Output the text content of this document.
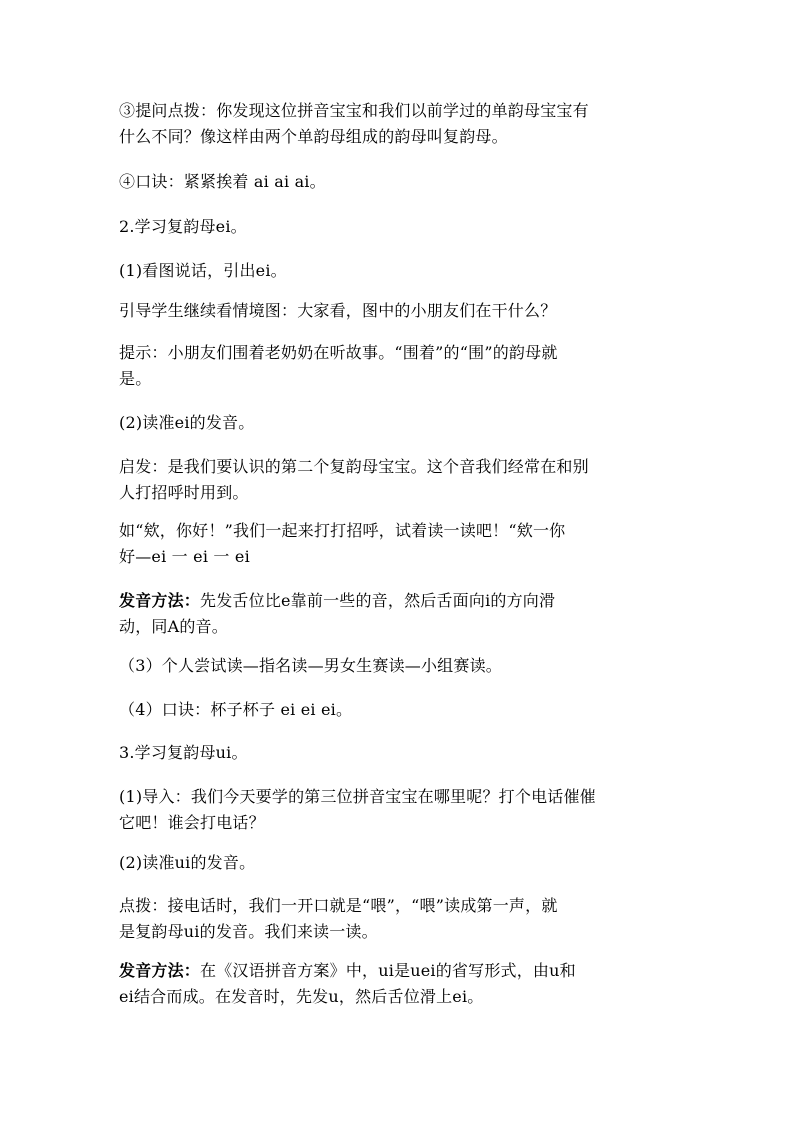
③提问点拨：你发现这位拼音宝宝和我们以前学过的单韵母宝宝有
什么不同？像这样由两个单韵母组成的韵母叫复韵母。
④口诀：紧紧挨着 ai ai ai。
2.学习复韵母ei。
(1)看图说话，引出ei。
引导学生继续看情境图：大家看，图中的小朋友们在干什么？
提示：小朋友们围着老奶奶在听故事。“围着”的“围”的韵母就
是。
(2)读准ei的发音。
启发：是我们要认识的第二个复韵母宝宝。这个音我们经常在和别
人打招呼时用到。
如“欸，你好！”我们一起来打打招呼，试着读一读吧！“欸一你
好—ei 一 ei 一 ei
发音方法：先发舌位比e靠前一些的音，然后舌面向i的方向滑
动，同A的音。
（3）个人尝试读—指名读—男女生赛读—小组赛读。
（4）口诀：杯子杯子 ei ei ei。
3.学习复韵母ui。
(1)导入：我们今天要学的第三位拼音宝宝在哪里呢？打个电话催催
它吧！谁会打电话？
(2)读准ui的发音。
点拨：接电话时，我们一开口就是“喂”，“喂”读成第一声，就
是复韵母ui的发音。我们来读一读。
发音方法：在《汉语拼音方案》中，ui是uei的省写形式，由u和
ei结合而成。在发音时，先发u，然后舌位滑上ei。
